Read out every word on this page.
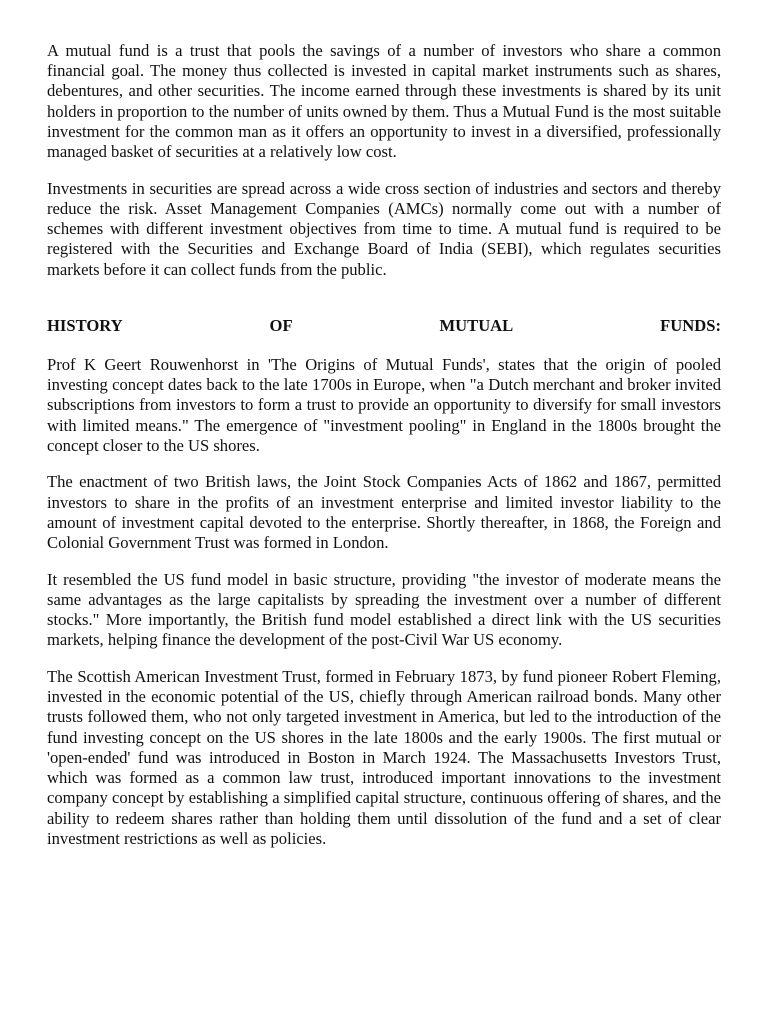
A mutual fund is a trust that pools the savings of a number of investors who share a common financial goal. The money thus collected is invested in capital market instruments such as shares, debentures, and other securities. The income earned through these investments is shared by its unit holders in proportion to the number of units owned by them. Thus a Mutual Fund is the most suitable investment for the common man as it offers an opportunity to invest in a diversified, professionally managed basket of securities at a relatively low cost.

Investments in securities are spread across a wide cross section of industries and sectors and thereby reduce the risk. Asset Management Companies (AMCs) normally come out with a number of schemes with different investment objectives from time to time. A mutual fund is required to be registered with the Securities and Exchange Board of India (SEBI), which regulates securities markets before it can collect funds from the public.

HISTORY	OF	MUTUAL	FUNDS:

Prof K Geert Rouwenhorst in 'The Origins of Mutual Funds', states that the origin of pooled investing concept dates back to the late 1700s in Europe, when "a Dutch merchant and broker invited subscriptions from investors to form a trust to provide an opportunity to diversify for small investors with limited means." The emergence of "investment pooling" in England in the 1800s brought the concept closer to the US shores.

The enactment of two British laws, the Joint Stock Companies Acts of 1862 and 1867, permitted investors to share in the profits of an investment enterprise and limited investor liability to the amount of investment capital devoted to the enterprise. Shortly thereafter, in 1868, the Foreign and Colonial Government Trust was formed in London.

It resembled the US fund model in basic structure, providing "the investor of moderate means the same advantages as the large capitalists by spreading the investment over a number of different stocks." More importantly, the British fund model established a direct link with the US securities markets, helping finance the development of the post-Civil War US economy.

The Scottish American Investment Trust, formed in February 1873, by fund pioneer Robert Fleming, invested in the economic potential of the US, chiefly through American railroad bonds. Many other trusts followed them, who not only targeted investment in America, but led to the introduction of the fund investing concept on the US shores in the late 1800s and the early 1900s. The first mutual or 'open-ended' fund was introduced in Boston in March 1924. The Massachusetts Investors Trust, which was formed as a common law trust, introduced important innovations to the investment company concept by establishing a simplified capital structure, continuous offering of shares, and the ability to redeem shares rather than holding them until dissolution of the fund and a set of clear investment restrictions as well as policies.
